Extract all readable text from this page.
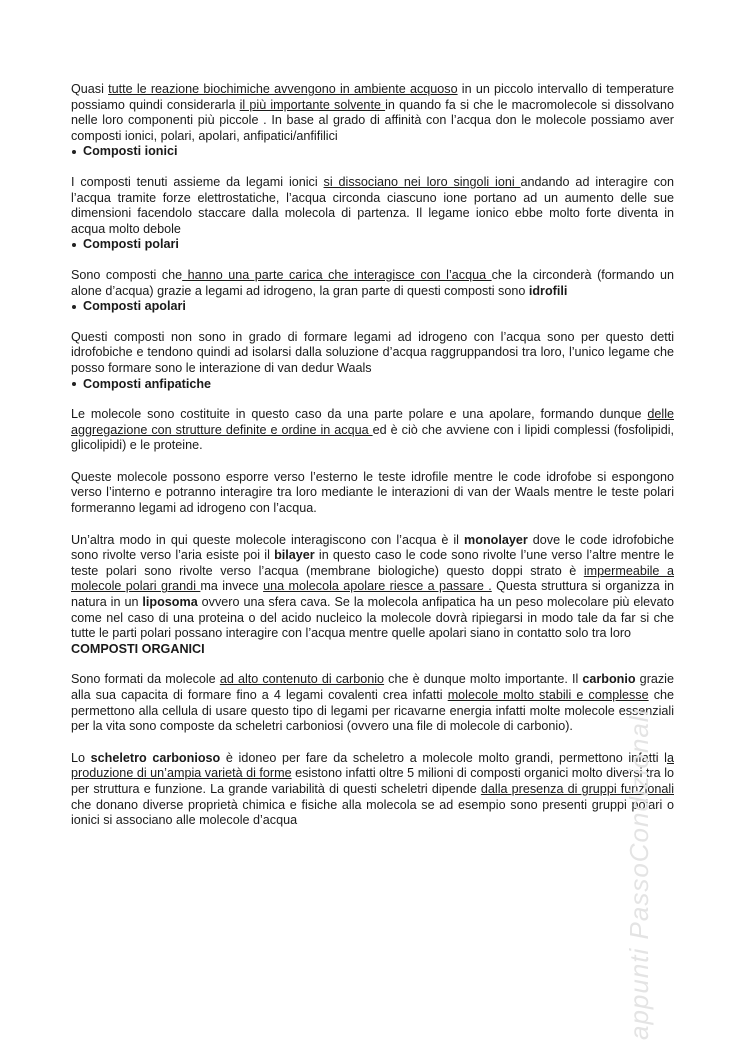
Quasi tutte le reazione biochimiche avvengono in ambiente acquoso in un piccolo intervallo di temperature possiamo quindi considerarla il più importante solvente in quando fa si che le macromolecole si dissolvano nelle loro componenti più piccole . In base al grado di affinità con l’acqua don le molecole possiamo aver composti ionici, polari, apolari, anfipatici/anfifilici

Composti ionici

I composti tenuti assieme da legami ionici si dissociano nei loro singoli ioni andando ad interagire con l’acqua tramite forze elettrostatiche, l’acqua circonda ciascuno ione portano ad un aumento delle sue dimensioni facendolo staccare dalla molecola di partenza. Il legame ionico ebbe molto forte diventa in acqua molto debole

Composti polari

Sono composti che hanno una parte carica che interagisce con l’acqua che la circonderà (formando un alone d’acqua) grazie a legami ad idrogeno, la gran parte di questi composti sono idrofili

Composti apolari

Questi composti non sono in grado di formare legami ad idrogeno con l’acqua sono per questo detti idrofobiche e tendono quindi ad isolarsi dalla soluzione d’acqua raggruppandosi tra loro, l’unico legame che posso formare sono le interazione di van dedur Waals

Composti anfipatiche

Le molecole sono costituite in questo caso da una parte polare e una apolare, formando dunque delle aggregazione con strutture definite e ordine in acqua ed è ciò che avviene con i lipidi complessi (fosfolipidi, glicolipidi) e le proteine.

Queste molecole possono esporre verso l’esterno le teste idrofile mentre le code idrofobe si espongono verso l’interno e potranno interagire tra loro mediante le interazioni di van der Waals mentre le teste polari formeranno legami ad idrogeno con l’acqua.

Un’altra modo in qui queste molecole interagiscono con l’acqua è il monolayer dove le code idrofobiche sono rivolte verso l’aria esiste poi il bilayer in questo caso le code sono rivolte l’une verso l’altre mentre le teste polari sono rivolte verso l’acqua (membrane biologiche) questo doppi strato è impermeabile a molecole polari grandi ma invece una molecola apolare riesce a passare . Questa struttura si organizza in natura in un liposoma ovvero una sfera cava. Se la molecola anfipatica ha un peso molecolare più elevato come nel caso di una proteina o del acido nucleico la molecole dovrà ripiegarsi in modo tale da far si che tutte le parti polari possano interagire con l’acqua mentre quelle apolari siano in contatto solo tra loro

COMPOSTI ORGANICI

Sono formati da molecole ad alto contenuto di carbonio che è dunque molto importante. Il carbonio grazie alla sua capacita di formare fino a 4 legami covalenti crea infatti molecole molto stabili e complesse che permettono alla cellula di usare questo tipo di legami per ricavarne energia infatti molte molecole essenziali per la vita sono composte da scheletri carboniosi (ovvero una file di molecole di carbonio).

Lo scheletro carbonioso è idoneo per fare da scheletro a molecole molto grandi, permettono infatti la produzione di un’ampia varietà di forme esistono infatti oltre 5 milioni di composti organici molto diversi tra lo per struttura e funzione. La grande variabilità di questi scheletri dipende dalla presenza di gruppi funzionali che donano diverse proprietà chimica e fisiche alla molecola se ad esempio sono presenti gruppi polari o ionici si associano alle molecole d’acqua	appunti PassoCondizionali
